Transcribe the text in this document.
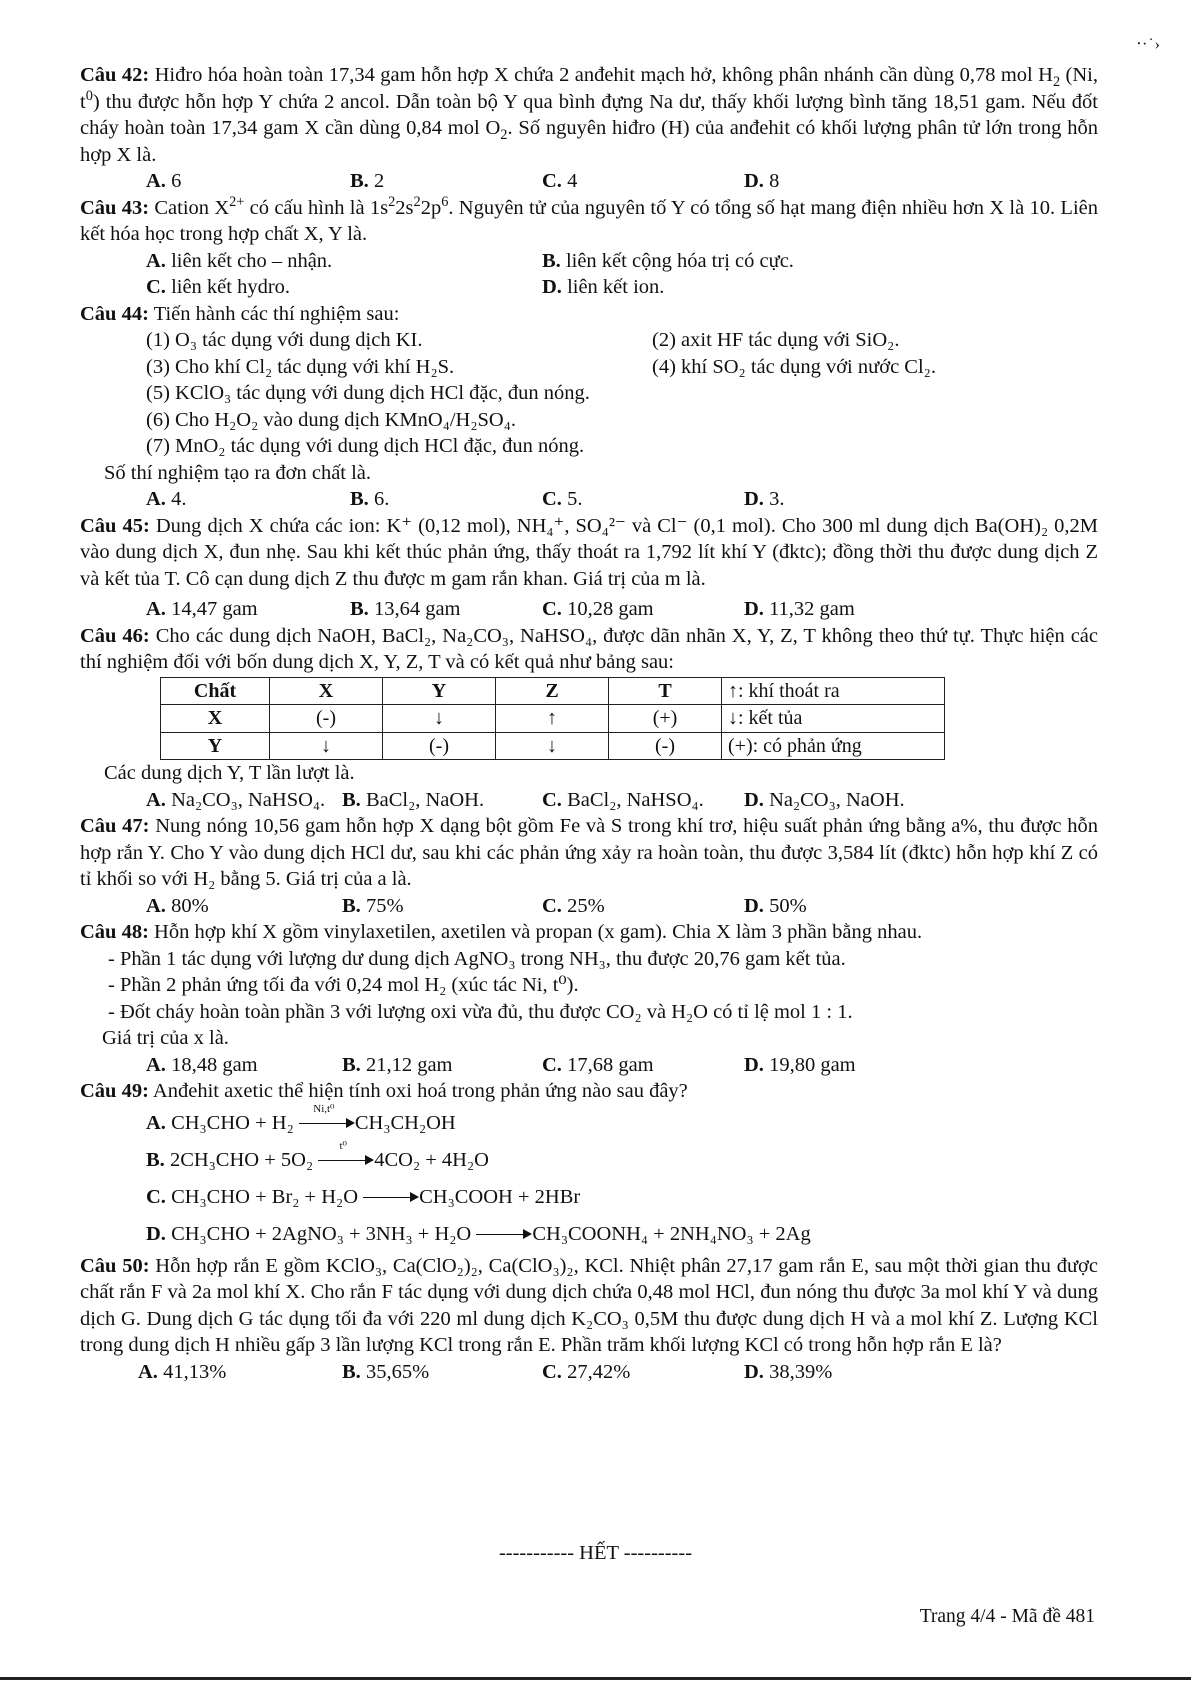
⸱·˙›
Câu 42: Hiđro hóa hoàn toàn 17,34 gam hỗn hợp X chứa 2 anđehit mạch hở, không phân nhánh cần dùng 0,78 mol $H_2$ (Ni, $t^0$) thu được hỗn hợp Y chứa 2 ancol. Dẫn toàn bộ Y qua bình đựng Na dư, thấy khối lượng bình tăng 18,51 gam. Nếu đốt cháy hoàn toàn 17,34 gam X cần dùng 0,84 mol $O_2$. Số nguyên hiđro (H) của anđehit có khối lượng phân tử lớn trong hỗn hợp X là.
A. 6	B. 2	C. 4	D. 8
Câu 43: Cation $X^{2+}$ có cấu hình là $1s^22s^22p^6$. Nguyên tử của nguyên tố Y có tổng số hạt mang điện nhiều hơn X là 10. Liên kết hóa học trong hợp chất X, Y là.
A. liên kết cho – nhận.	B. liên kết cộng hóa trị có cực.
C. liên kết hydro.	D. liên kết ion.
Câu 44: Tiến hành các thí nghiệm sau:
(1) O₃ tác dụng với dung dịch KI.	(2) axit HF tác dụng với SiO₂.
(3) Cho khí Cl₂ tác dụng với khí H₂S.	(4) khí SO₂ tác dụng với nước Cl₂.
(5) KClO₃ tác dụng với dung dịch HCl đặc, đun nóng.
(6) Cho H₂O₂ vào dung dịch KMnO₄/H₂SO₄.
(7) MnO₂ tác dụng với dung dịch HCl đặc, đun nóng.
Số thí nghiệm tạo ra đơn chất là.
A. 4.	B. 6.	C. 5.	D. 3.
Câu 45: Dung dịch X chứa các ion: K⁺ (0,12 mol), NH₄⁺, SO₄²⁻ và Cl⁻ (0,1 mol). Cho 300 ml dung dịch Ba(OH)₂ 0,2M vào dung dịch X, đun nhẹ. Sau khi kết thúc phản ứng, thấy thoát ra 1,792 lít khí Y (đktc); đồng thời thu được dung dịch Z và kết tủa T. Cô cạn dung dịch Z thu được m gam rắn khan. Giá trị của m là.
A. 14,47 gam	B. 13,64 gam	C. 10,28 gam	D. 11,32 gam
Câu 46: Cho các dung dịch NaOH, BaCl₂, Na₂CO₃, NaHSO₄, được dãn nhãn X, Y, Z, T không theo thứ tự. Thực hiện các thí nghiệm đối với bốn dung dịch X, Y, Z, T và có kết quả như bảng sau:
Chất	X	Y	Z	T	↑: khí thoát ra
X	(-)	↓	↑	(+)	↓: kết tủa
Y	↓	(-)	↓	(-)	(+): có phản ứng
Các dung dịch Y, T lần lượt là.
A. Na₂CO₃, NaHSO₄. B. BaCl₂, NaOH.	C. BaCl₂, NaHSO₄. D. Na₂CO₃, NaOH.
Câu 47: Nung nóng 10,56 gam hỗn hợp X dạng bột gồm Fe và S trong khí trơ, hiệu suất phản ứng bằng a%, thu được hỗn hợp rắn Y. Cho Y vào dung dịch HCl dư, sau khi các phản ứng xảy ra hoàn toàn, thu được 3,584 lít (đktc) hỗn hợp khí Z có tỉ khối so với H₂ bằng 5. Giá trị của a là.
A. 80%	B. 75%	C. 25%	D. 50%
Câu 48: Hỗn hợp khí X gồm vinylaxetilen, axetilen và propan (x gam). Chia X làm 3 phần bằng nhau.
- Phần 1 tác dụng với lượng dư dung dịch AgNO₃ trong NH₃, thu được 20,76 gam kết tủa.
- Phần 2 phản ứng tối đa với 0,24 mol H₂ (xúc tác Ni, t⁰).
- Đốt cháy hoàn toàn phần 3 với lượng oxi vừa đủ, thu được CO₂ và H₂O có tỉ lệ mol 1 : 1.
Giá trị của x là.
A. 18,48 gam	B. 21,12 gam	C. 17,68 gam	D. 19,80 gam
Câu 49: Anđehit axetic thể hiện tính oxi hoá trong phản ứng nào sau đây?
A. CH₃CHO + H₂
Ni,t⁰
CH₃CH₂OH
B. 2CH₃CHO + 5O₂
t⁰
4CO₂ + 4H₂O
C. CH₃CHO + Br₂ + H₂O	CH₃COOH + 2HBr
D. CH₃CHO + 2AgNO₃ + 3NH₃ + H₂O	CH₃COONH₄ + 2NH₄NO₃ + 2Ag
Câu 50: Hỗn hợp rắn E gồm KClO₃, Ca(ClO₂)₂, Ca(ClO₃)₂, KCl. Nhiệt phân 27,17 gam rắn E, sau một thời gian thu được chất rắn F và 2a mol khí X. Cho rắn F tác dụng với dung dịch chứa 0,48 mol HCl, đun nóng thu được 3a mol khí Y và dung dịch G. Dung dịch G tác dụng tối đa với 220 ml dung dịch K₂CO₃ 0,5M thu được dung dịch H và a mol khí Z. Lượng KCl trong dung dịch H nhiều gấp 3 lần lượng KCl trong rắn E. Phần trăm khối lượng KCl có trong hỗn hợp rắn E là?
A. 41,13%	B. 35,65%	C. 27,42%	D. 38,39%
----------- HẾT ----------
Trang 4/4 - Mã đề 481
